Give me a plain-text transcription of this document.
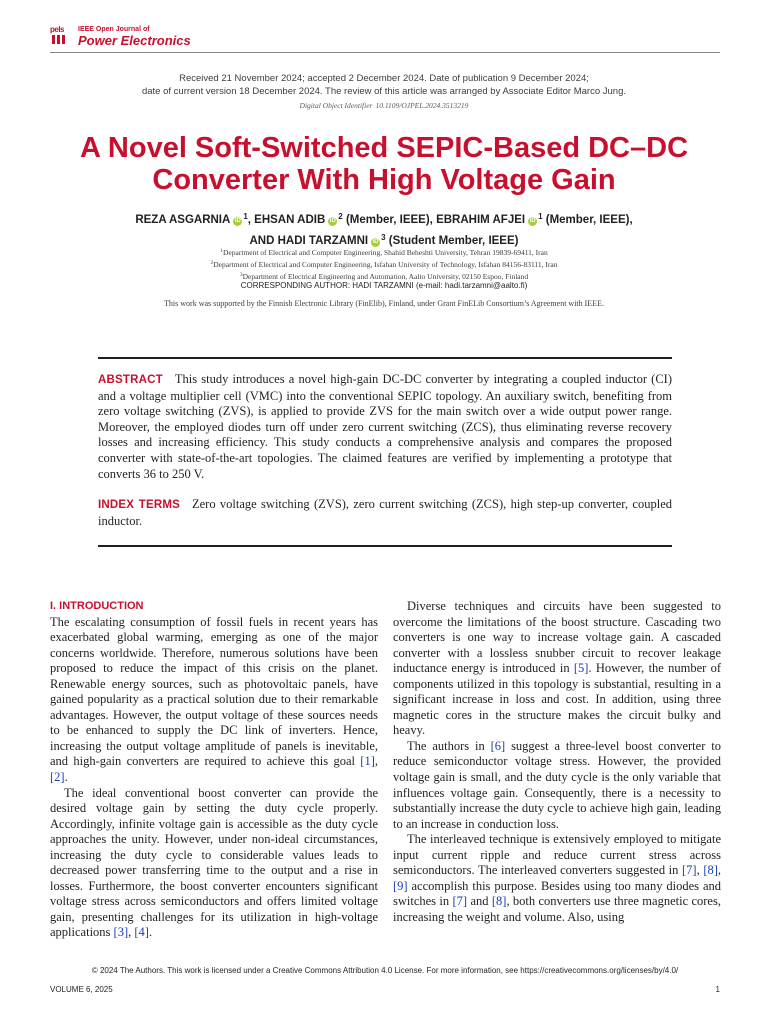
pels IEEE Open Journal of
Power Electronics
Received 21 November 2024; accepted 2 December 2024. Date of publication 9 December 2024;
date of current version 18 December 2024. The review of this article was arranged by Associate Editor Marco Jung.
Digital Object Identifier 10.1109/OJPEL.2024.3513219
A Novel Soft-Switched SEPIC-Based DC–DC
Converter With High Voltage Gain
REZA ASGARNIA iD $^1$, EHSAN ADIB iD $^2$ (Member, IEEE), EBRAHIM AFJEI iD $^1$ (Member, IEEE),
AND HADI TARZAMNI iD $^3$ (Student Member, IEEE)
$^1$Department of Electrical and Computer Engineering, Shahid Beheshti University, Tehran 19839-69411, Iran
$^2$Department of Electrical and Computer Engineering, Isfahan University of Technology, Isfahan 84156-83111, Iran
$^3$Department of Electrical Engineering and Automation, Aalto University, 02150 Espoo, Finland
CORRESPONDING AUTHOR: HADI TARZAMNI (e-mail: hadi.tarzamni@aalto.fi)
This work was supported by the Finnish Electronic Library (FinElib), Finland, under Grant FinELib Consortium’s Agreement with IEEE.

ABSTRACT This study introduces a novel high-gain DC-DC converter by integrating a coupled inductor (CI) and a voltage multiplier cell (VMC) into the conventional SEPIC topology. An auxiliary switch, benefiting from zero voltage switching (ZVS), is applied to provide ZVS for the main switch over a wide output power range. Moreover, the employed diodes turn off under zero current switching (ZCS), thus eliminating reverse recovery losses and increasing efficiency. This study conducts a comprehensive analysis and compares the proposed converter with state-of-the-art topologies. The claimed features are verified by implementing a prototype that converts 36 to 250 V.

INDEX TERMS Zero voltage switching (ZVS), zero current switching (ZCS), high step-up converter, coupled inductor.

I. INTRODUCTION

The escalating consumption of fossil fuels in recent years has exacerbated global warming, emerging as one of the major concerns worldwide. Therefore, numerous solutions have been proposed to reduce the impact of this crisis on the planet. Renewable energy sources, such as photovoltaic panels, have gained popularity as a practical solution due to their remarkable advantages. However, the output voltage of these sources needs to be enhanced to supply the DC link of inverters. Hence, increasing the output voltage amplitude of panels is inevitable, and high-gain converters are required to achieve this goal [1], [2].

The ideal conventional boost converter can provide the desired voltage gain by setting the duty cycle properly. Accordingly, infinite voltage gain is accessible as the duty cycle approaches the unity. However, under non-ideal circumstances, increasing the duty cycle to considerable values leads to decreased power transferring time to the output and a rise in losses. Furthermore, the boost converter encounters significant voltage stress across semiconductors and offers limited voltage gain, presenting challenges for its utilization in high-voltage applications [3], [4].

Diverse techniques and circuits have been suggested to overcome the limitations of the boost structure. Cascading two converters is one way to increase voltage gain. A cascaded converter with a lossless snubber circuit to recover leakage inductance energy is introduced in [5]. However, the number of components utilized in this topology is substantial, resulting in a significant increase in loss and cost. In addition, using three magnetic cores in the structure makes the circuit bulky and heavy.

The authors in [6] suggest a three-level boost converter to reduce semiconductor voltage stress. However, the provided voltage gain is small, and the duty cycle is the only variable that influences voltage gain. Consequently, there is a necessity to substantially increase the duty cycle to achieve high gain, leading to an increase in conduction loss.

The interleaved technique is extensively employed to mitigate input current ripple and reduce current stress across semiconductors. The interleaved converters suggested in [7], [8], [9] accomplish this purpose. Besides using too many diodes and switches in [7] and [8], both converters use three magnetic cores, increasing the weight and volume. Also, using

© 2024 The Authors. This work is licensed under a Creative Commons Attribution 4.0 License. For more information, see https://creativecommons.org/licenses/by/4.0/
VOLUME 6, 2025	1
